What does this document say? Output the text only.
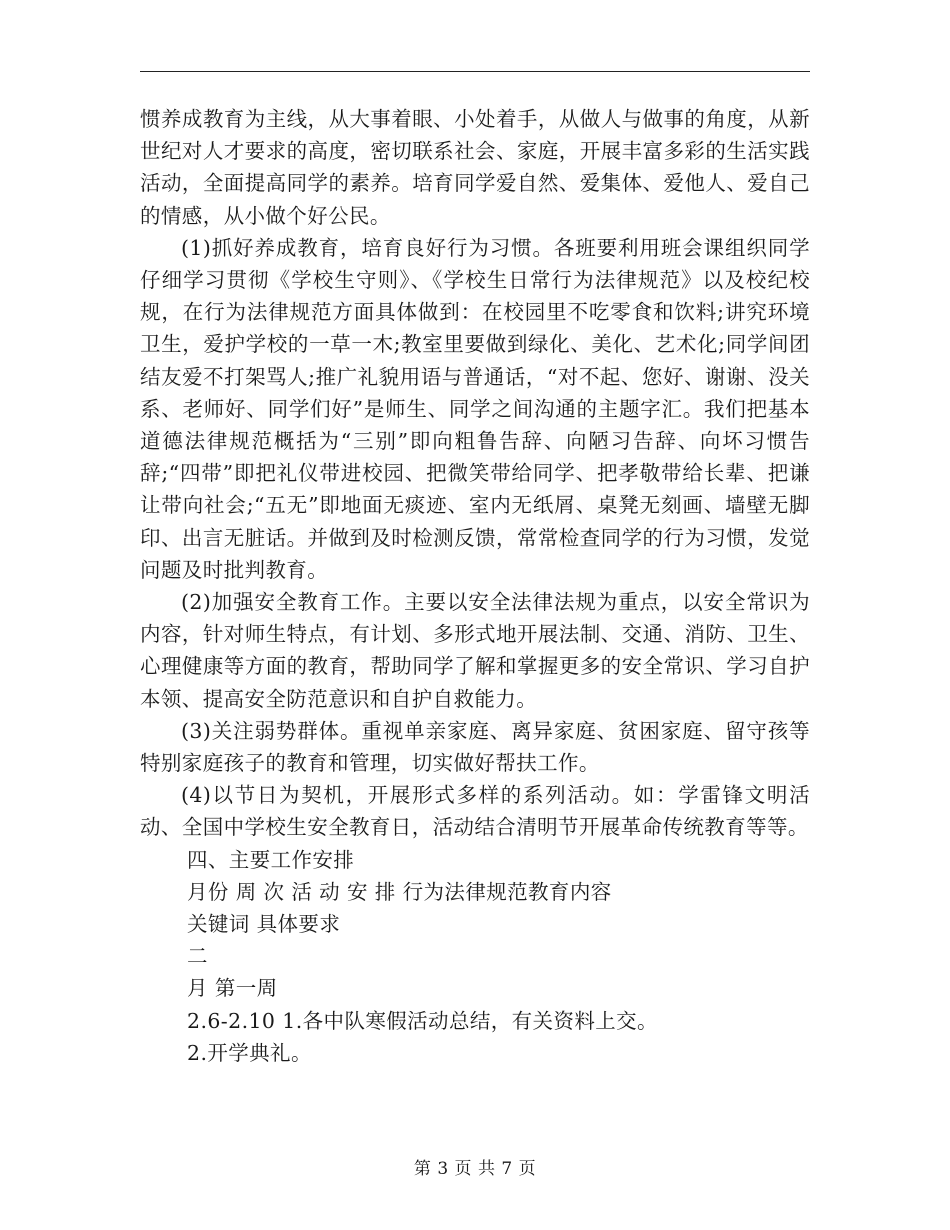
惯养成教育为主线，从大事着眼、小处着手，从做人与做事的角度，从新世纪对人才要求的高度，密切联系社会、家庭，开展丰富多彩的生活实践活动，全面提高同学的素养。培育同学爱自然、爱集体、爱他人、爱自己的情感，从小做个好公民。

(1)抓好养成教育，培育良好行为习惯。各班要利用班会课组织同学仔细学习贯彻《学校生守则》、《学校生日常行为法律规范》以及校纪校规，在行为法律规范方面具体做到：在校园里不吃零食和饮料;讲究环境卫生，爱护学校的一草一木;教室里要做到绿化、美化、艺术化;同学间团结友爱不打架骂人;推广礼貌用语与普通话，“对不起、您好、谢谢、没关系、老师好、同学们好”是师生、同学之间沟通的主题字汇。我们把基本道德法律规范概括为“三别”即向粗鲁告辞、向陋习告辞、向坏习惯告辞;“四带”即把礼仪带进校园、把微笑带给同学、把孝敬带给长辈、把谦让带向社会;“五无”即地面无痰迹、室内无纸屑、桌凳无刻画、墙壁无脚印、出言无脏话。并做到及时检测反馈，常常检查同学的行为习惯，发觉问题及时批判教育。

(2)加强安全教育工作。主要以安全法律法规为重点，以安全常识为内容，针对师生特点，有计划、多形式地开展法制、交通、消防、卫生、心理健康等方面的教育，帮助同学了解和掌握更多的安全常识、学习自护本领、提高安全防范意识和自护自救能力。

(3)关注弱势群体。重视单亲家庭、离异家庭、贫困家庭、留守孩等特别家庭孩子的教育和管理，切实做好帮扶工作。

(4)以节日为契机，开展形式多样的系列活动。如：学雷锋文明活动、全国中学校生安全教育日，活动结合清明节开展革命传统教育等等。

四、主要工作安排

月份 周 次 活 动 安 排 行为法律规范教育内容

关键词 具体要求

二

月 第一周

2.6-2.10 1.各中队寒假活动总结，有关资料上交。

2.开学典礼。

第 3 页 共 7 页
